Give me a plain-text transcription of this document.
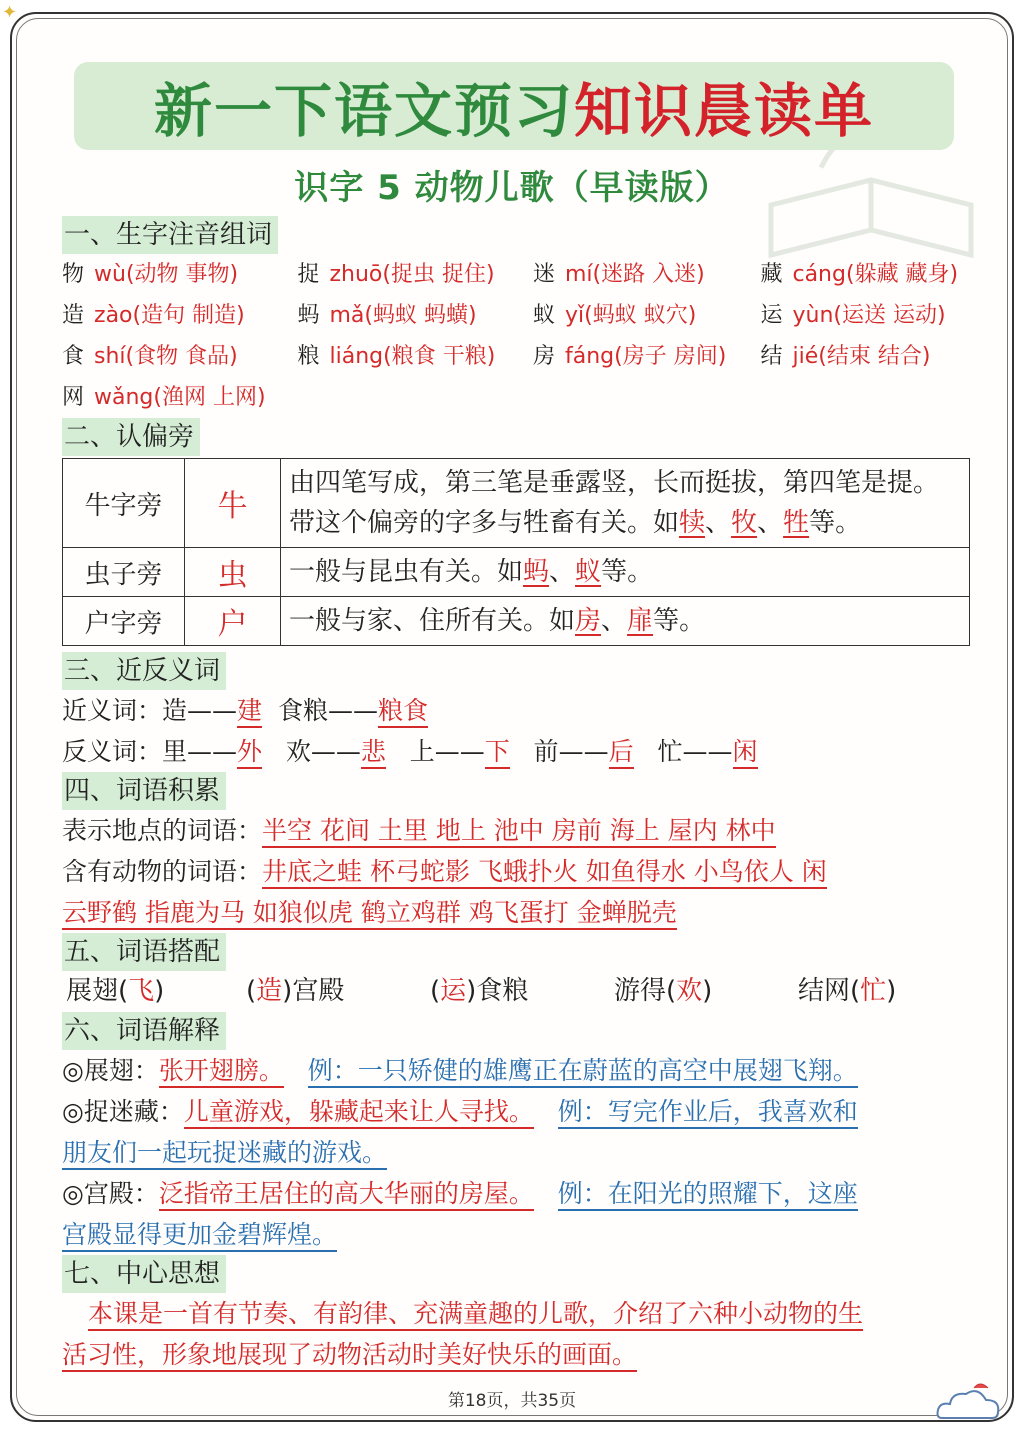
✦
新一下语文预习知识晨读单
识字 5 动物儿歌（早读版）
一、生字注音组词
物 wù(动物 事物)	捉 zhuō(捉虫 捉住)	迷 mí(迷路 入迷)	藏 cáng(躲藏 藏身)
造 zào(造句 制造)	蚂 mǎ(蚂蚁 蚂蟥)	蚁 yǐ(蚂蚁 蚁穴)	运 yùn(运送 运动)
食 shí(食物 食品)	粮 liáng(粮食 干粮)	房 fáng(房子 房间)	结 jié(结束 结合)
网 wǎng(渔网 上网)
二、认偏旁
牛字旁	牛	由四笔写成，第三笔是垂露竖，长而挺拔，第四笔是提。
带这个偏旁的字多与牲畜有关。如犊、牧、牲等。

虫子旁	虫	一般与昆虫有关。如蚂、蚁等。
户字旁	户	一般与家、住所有关。如房、扉等。
三、近反义词
近义词：造——建 食粮——粮食
反义词：里——外 欢——悲 上——下 前——后 忙——闲
四、词语积累
表示地点的词语：半空 花间 土里 地上 池中 房前 海上 屋内 林中
含有动物的词语：井底之蛙 杯弓蛇影 飞蛾扑火 如鱼得水 小鸟依人 闲
云野鹤 指鹿为马 如狼似虎 鹤立鸡群 鸡飞蛋打 金蝉脱壳
五、词语搭配
展翅(飞)	(造)宫殿	(运)食粮	游得(欢)	结网(忙)
六、词语解释
◎展翅：张开翅膀。 例：一只矫健的雄鹰正在蔚蓝的高空中展翅飞翔。
◎捉迷藏：儿童游戏，躲藏起来让人寻找。 例：写完作业后，我喜欢和
朋友们一起玩捉迷藏的游戏。
◎宫殿：泛指帝王居住的高大华丽的房屋。 例：在阳光的照耀下，这座
宫殿显得更加金碧辉煌。
七、中心思想
本课是一首有节奏、有韵律、充满童趣的儿歌，介绍了六种小动物的生
活习性，形象地展现了动物活动时美好快乐的画面。
第18页，共35页
